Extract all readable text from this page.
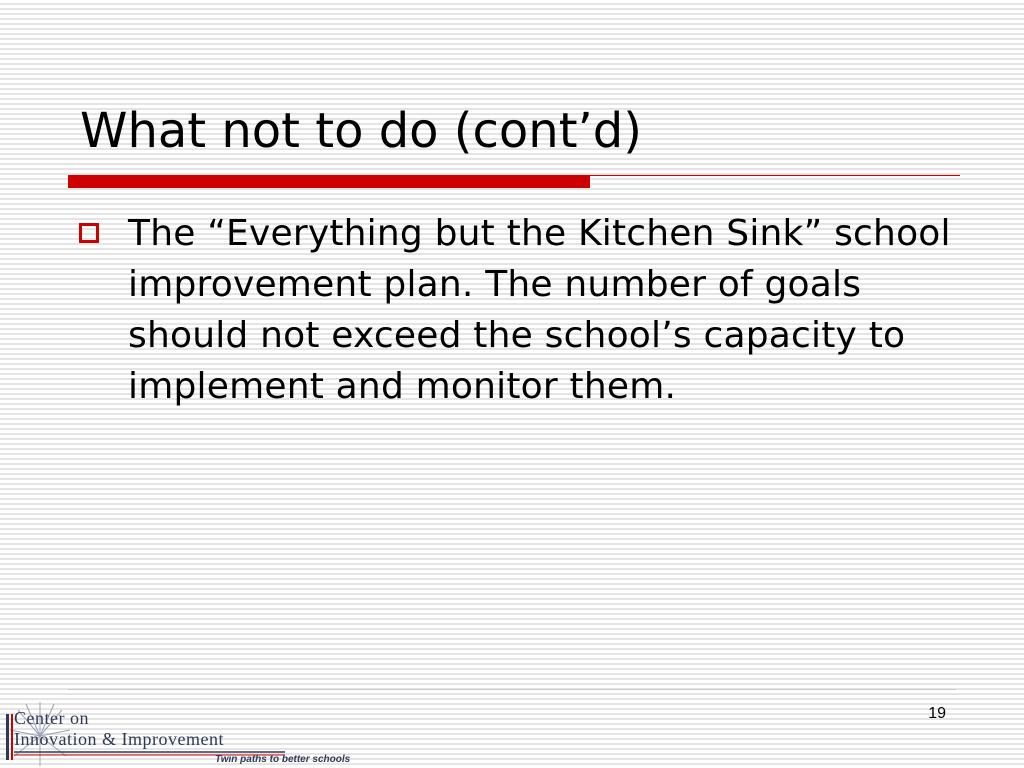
What not to do (cont’d)
The “Everything but the Kitchen Sink” school improvement plan. The number of goals should not exceed the school’s capacity to implement and monitor them.
19
Center on
Innovation & Improvement
Twin paths to better schools
